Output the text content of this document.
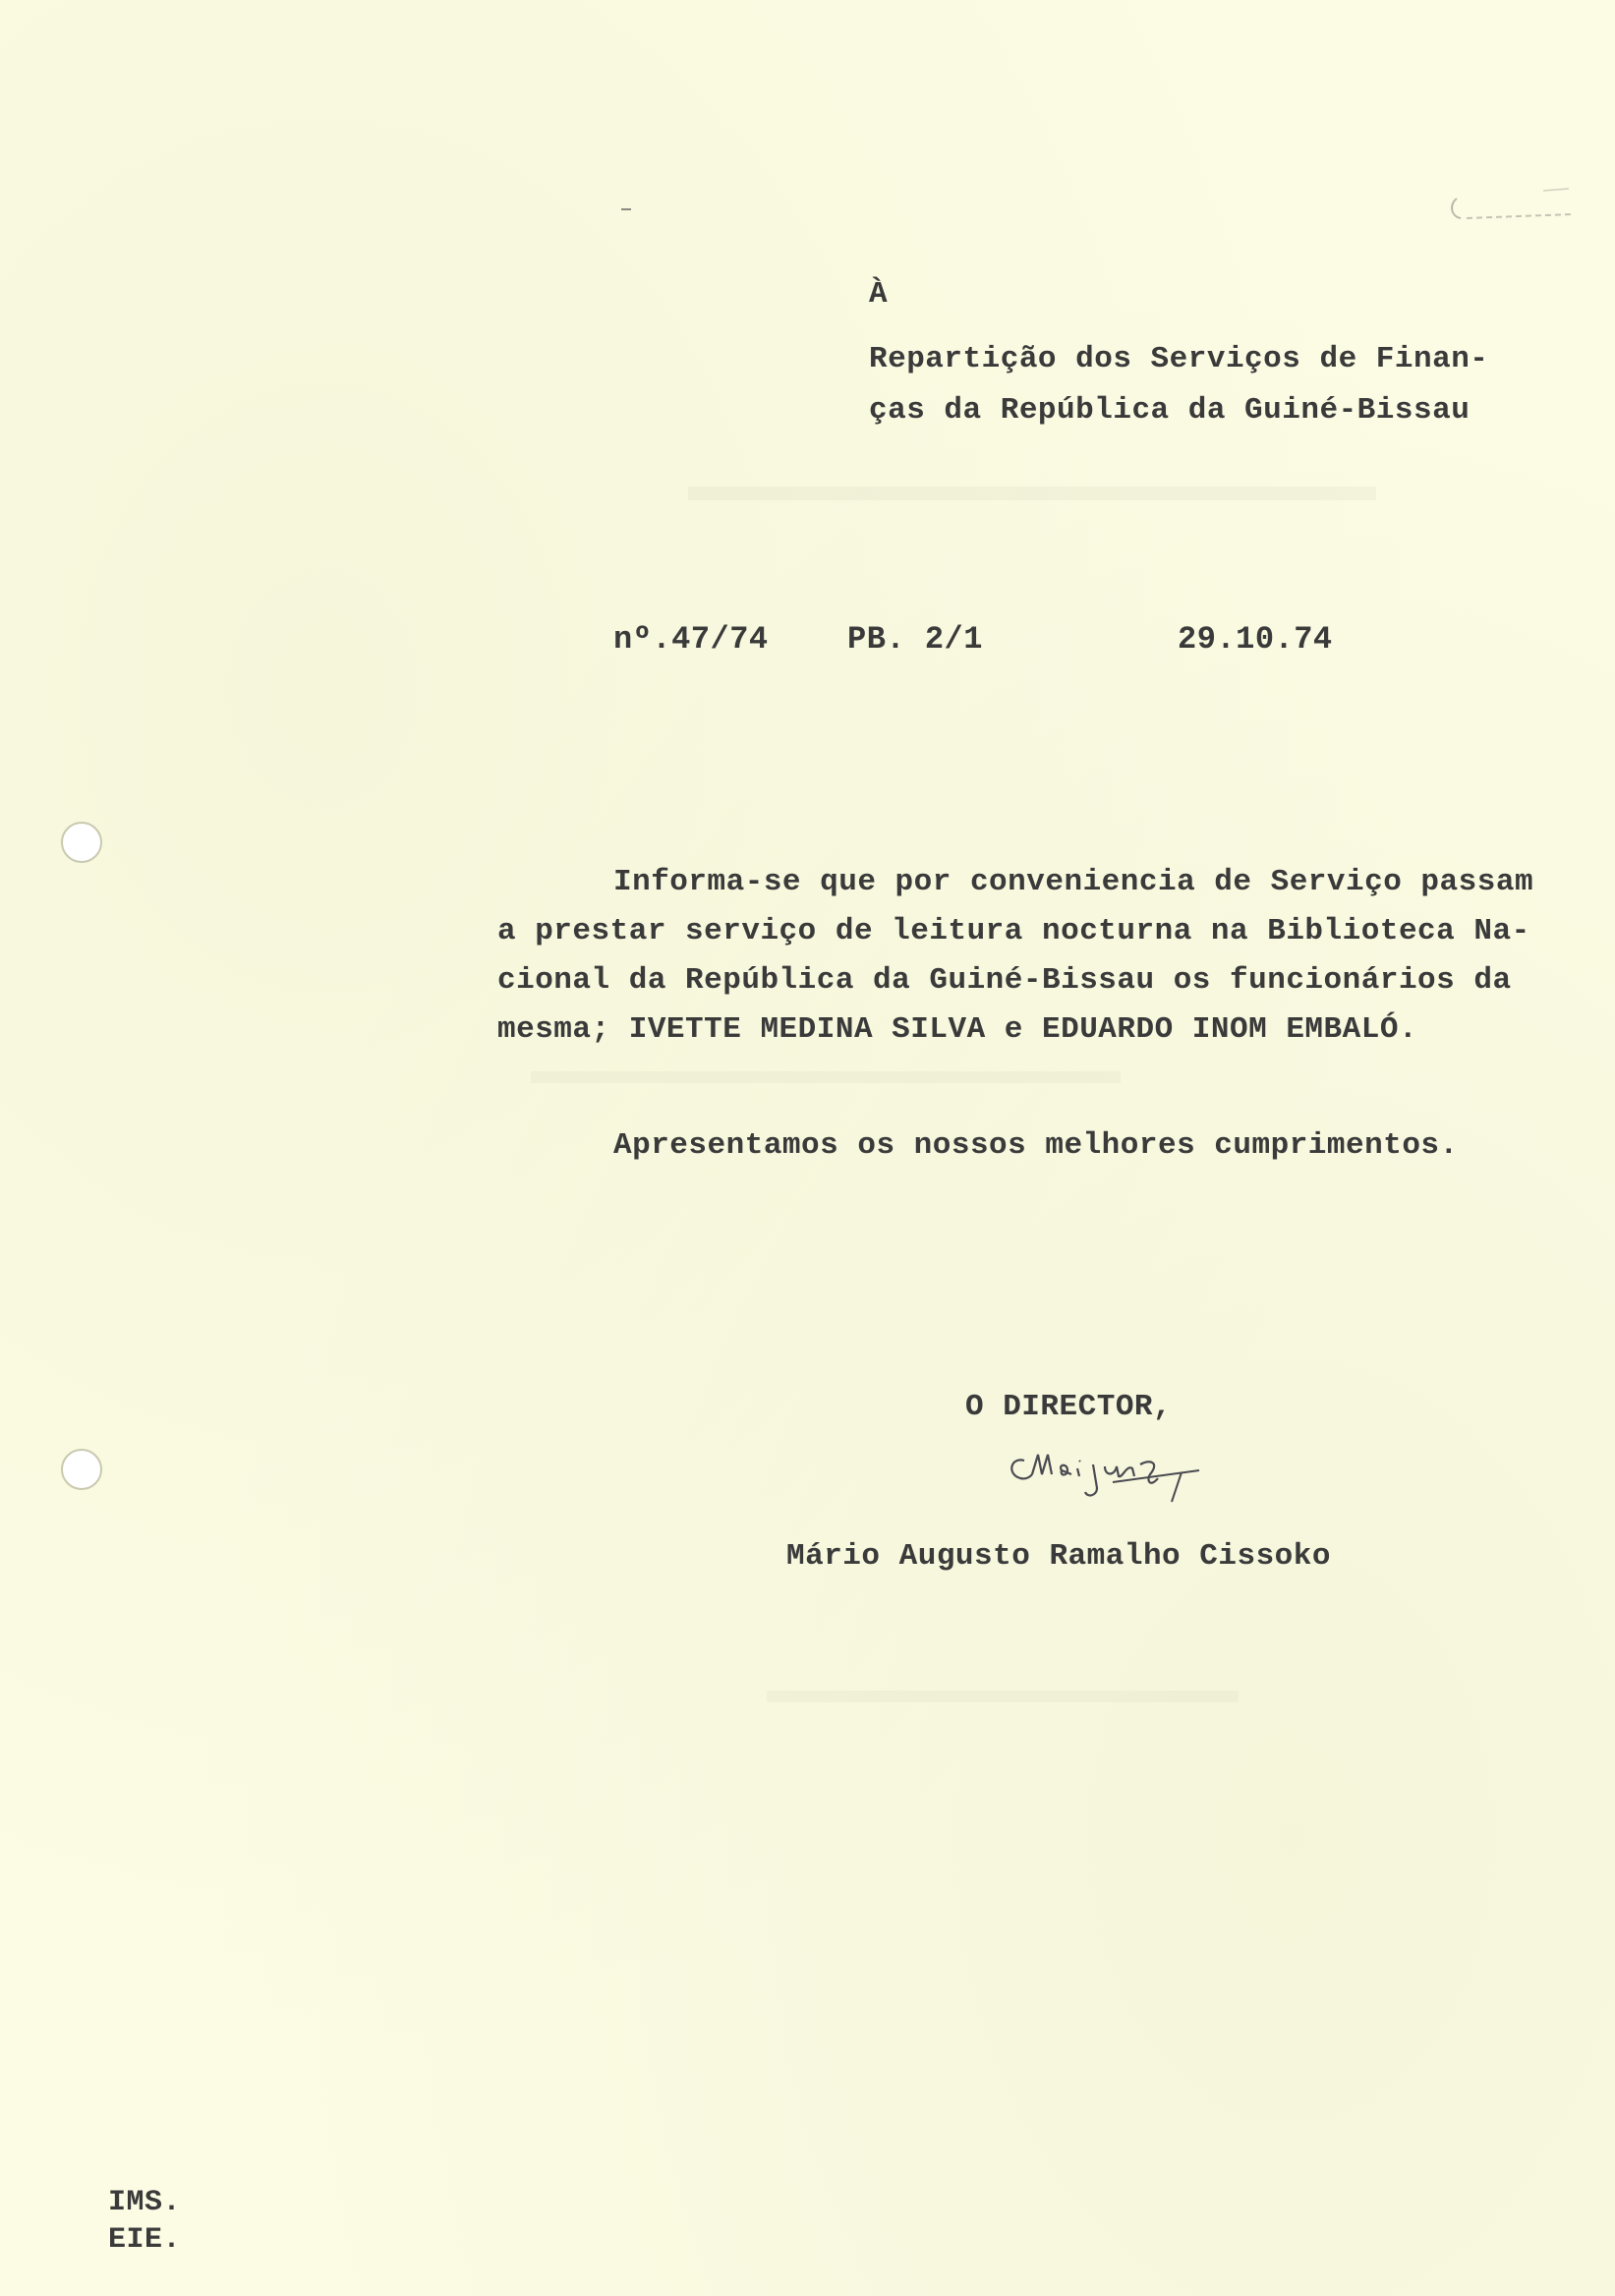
À
Repartição dos Serviços de Finan-
ças da República da Guiné-Bissau
nº.47/74	PB. 2/1	29.10.74
Informa-se que por conveniencia de Serviço passam
a prestar serviço de leitura nocturna na Biblioteca Na-
cional da República da Guiné-Bissau os funcionários da
mesma; IVETTE MEDINA SILVA e EDUARDO INOM EMBALÓ.
Apresentamos os nossos melhores cumprimentos.
O DIRECTOR,
Mário Augusto Ramalho Cissoko
IMS.
EIE.
